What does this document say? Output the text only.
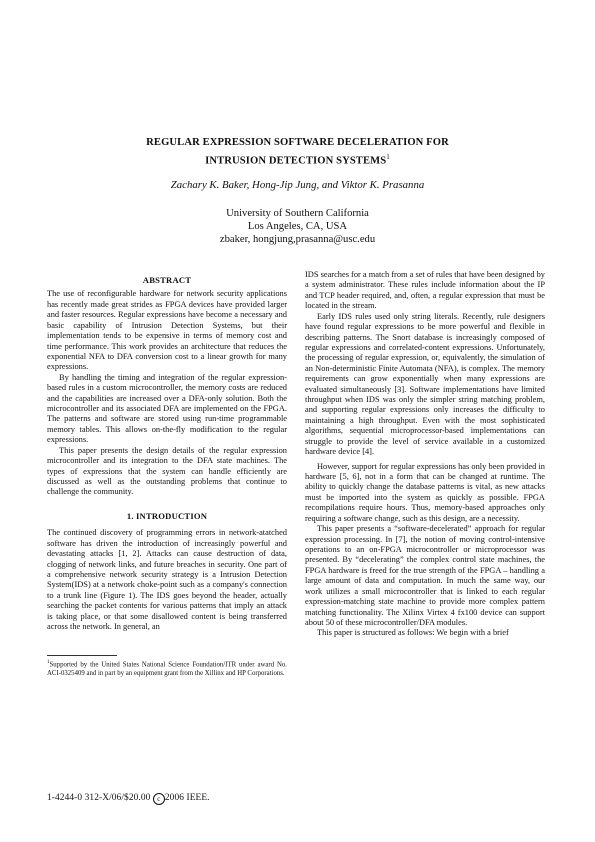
REGULAR EXPRESSION SOFTWARE DECELERATION FOR
INTRUSION DETECTION SYSTEMS$^1$
Zachary K. Baker, Hong-Jip Jung, and Viktor K. Prasanna
University of Southern California
Los Angeles, CA, USA
zbaker, hongjung,prasanna@usc.edu
ABSTRACT

The use of reconfigurable hardware for network security applications has recently made great strides as FPGA devices have provided larger and faster resources. Regular expressions have become a necessary and basic capability of Intrusion Detection Systems, but their implementation tends to be expensive in terms of memory cost and time performance. This work provides an architecture that reduces the exponential NFA to DFA conversion cost to a linear growth for many expressions.

By handling the timing and integration of the regular expression-based rules in a custom microcontroller, the memory costs are reduced and the capabilities are increased over a DFA-only solution. Both the microcontroller and its associated DFA are implemented on the FPGA. The patterns and software are stored using run-time programmable memory tables. This allows on-the-fly modification to the regular expressions.

This paper presents the design details of the regular expression microcontroller and its integration to the DFA state machines. The types of expressions that the system can handle efficiently are discussed as well as the outstanding problems that continue to challenge the community.

1. INTRODUCTION

The continued discovery of programming errors in network-atatched software has driven the introduction of increasingly powerful and devastating attacks [1, 2]. Attacks can cause destruction of data, clogging of network links, and future breaches in security. One part of a comprehensive network security strategy is a Intrusion Detection System(IDS) at a network choke-point such as a company's connection to a trunk line (Figure 1). The IDS goes beyond the header, actually searching the packet contents for various patterns that imply an attack is taking place, or that some disallowed content is being transferred across the network. In general, an

IDS searches for a match from a set of rules that have been designed by a system administrator. These rules include information about the IP and TCP header required, and, often, a regular expression that must be located in the stream.

Early IDS rules used only string literals. Recently, rule designers have found regular expressions to be more powerful and flexible in describing patterns. The Snort database is increasingly composed of regular expressions and correlated-content expressions. Unfortunately, the processing of regular expression, or, equivalently, the simulation of an Non-deterministic Finite Automata (NFA), is complex. The memory requirements can grow exponentially when many expressions are evaluated simultaneously [3]. Software implementations have limited throughput when IDS was only the simpler string matching problem, and supporting regular expressions only increases the difficulty to maintaining a high throughput. Even with the most sophisticated algorithms, sequential microprocessor-based implementations can struggle to provide the level of service available in a customized hardware device [4].

However, support for regular expressions has only been provided in hardware [5, 6], not in a form that can be changed at runtime. The ability to quickly change the database patterns is vital, as new attacks must be imported into the system as quickly as possible. FPGA recompilations require hours. Thus, memory-based approaches only requiring a software change, such as this design, are a necessity.

This paper presents a “software-decelerated” approach for regular expression processing. In [7], the notion of moving control-intensive operations to an on-FPGA microcontroller or microprocessor was presented. By “decelerating” the complex control state machines, the FPGA hardware is freed for the true strength of the FPGA – handling a large amount of data and computation. In much the same way, our work utilizes a small microcontroller that is linked to each regular expression-matching state machine to provide more complex pattern matching functionality. The Xilinx Virtex 4 fx100 device can support about 50 of these microcontroller/DFA modules.

This paper is structured as follows: We begin with a brief

$^1$Supported by the United States National Science Foundation/ITR under award No. ACI-0325409 and in part by an equipment grant from the Xillinx and HP Corporations.
1-4244-0 312-X/06/$20.00 c 2006 IEEE.
